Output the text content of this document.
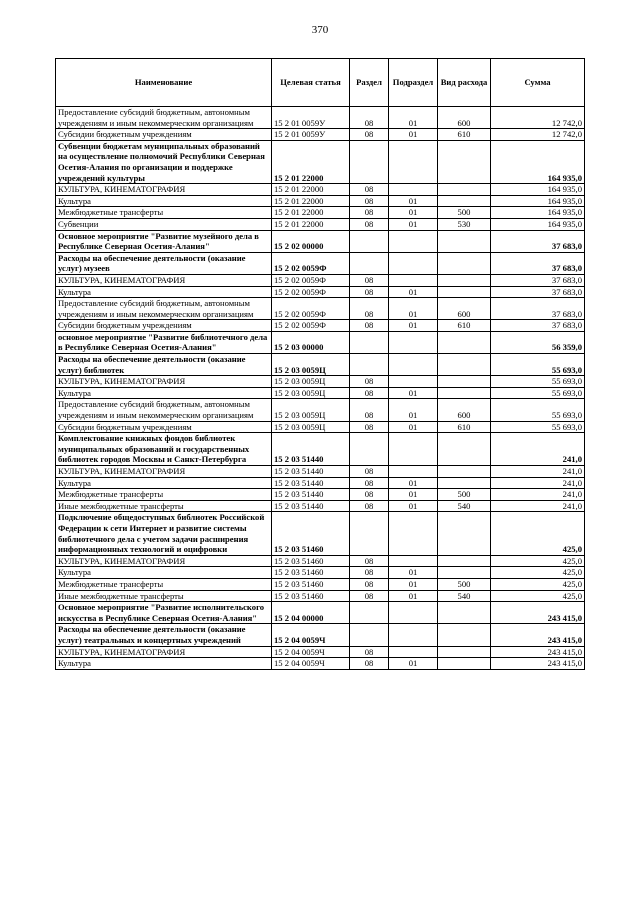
370
Наименование	Целевая статья	Раздел	Подраздел	Вид расхода	Сумма
Предоставление субсидий бюджетным, автономным учреждениям и иным некоммерческим организациям	15 2 01 0059У	08	01	600	12 742,0
Субсидии бюджетным учреждениям	15 2 01 0059У	08	01	610	12 742,0
Субвенции бюджетам муниципальных образований на осуществление полномочий Республики Северная Осетия-Алания по организации и поддержке учреждений культуры	15 2 01 22000				164 935,0
КУЛЬТУРА, КИНЕМАТОГРАФИЯ	15 2 01 22000	08			164 935,0
Культура	15 2 01 22000	08	01		164 935,0
Межбюджетные трансферты	15 2 01 22000	08	01	500	164 935,0
Субвенции	15 2 01 22000	08	01	530	164 935,0
Основное мероприятие "Развитие музейного дела в Республике Северная Осетия-Алания"	15 2 02 00000				37 683,0
Расходы на обеспечение деятельности (оказание услуг) музеев	15 2 02 0059Ф				37 683,0
КУЛЬТУРА, КИНЕМАТОГРАФИЯ	15 2 02 0059Ф	08			37 683,0
Культура	15 2 02 0059Ф	08	01		37 683,0
Предоставление субсидий бюджетным, автономным учреждениям и иным некоммерческим организациям	15 2 02 0059Ф	08	01	600	37 683,0
Субсидии бюджетным учреждениям	15 2 02 0059Ф	08	01	610	37 683,0
основное мероприятие "Развитие библиотечного дела в Республике Северная Осетия-Алания"	15 2 03 00000				56 359,0
Расходы на обеспечение деятельности (оказание услуг) библиотек	15 2 03 0059Ц				55 693,0
КУЛЬТУРА, КИНЕМАТОГРАФИЯ	15 2 03 0059Ц	08			55 693,0
Культура	15 2 03 0059Ц	08	01		55 693,0
Предоставление субсидий бюджетным, автономным учреждениям и иным некоммерческим организациям	15 2 03 0059Ц	08	01	600	55 693,0
Субсидии бюджетным учреждениям	15 2 03 0059Ц	08	01	610	55 693,0
Комплектование книжных фондов библиотек муниципальных образований и государственных библиотек городов Москвы и Санкт-Петербурга	15 2 03 51440				241,0
КУЛЬТУРА, КИНЕМАТОГРАФИЯ	15 2 03 51440	08			241,0
Культура	15 2 03 51440	08	01		241,0
Межбюджетные трансферты	15 2 03 51440	08	01	500	241,0
Иные межбюджетные трансферты	15 2 03 51440	08	01	540	241,0
Подключение общедоступных библиотек Российской Федерации к сети Интернет и развитие системы библиотечного дела с учетом задачи расширения информационных технологий и оцифровки	15 2 03 51460				425,0
КУЛЬТУРА, КИНЕМАТОГРАФИЯ	15 2 03 51460	08			425,0
Культура	15 2 03 51460	08	01		425,0
Межбюджетные трансферты	15 2 03 51460	08	01	500	425,0
Иные межбюджетные трансферты	15 2 03 51460	08	01	540	425,0
Основное мероприятие "Развитие исполнительского искусства в Республике Северная Осетия-Алания"	15 2 04 00000				243 415,0
Расходы на обеспечение деятельности (оказание услуг) театральных и концертных учреждений	15 2 04 0059Ч				243 415,0
КУЛЬТУРА, КИНЕМАТОГРАФИЯ	15 2 04 0059Ч	08			243 415,0
Культура	15 2 04 0059Ч	08	01		243 415,0
